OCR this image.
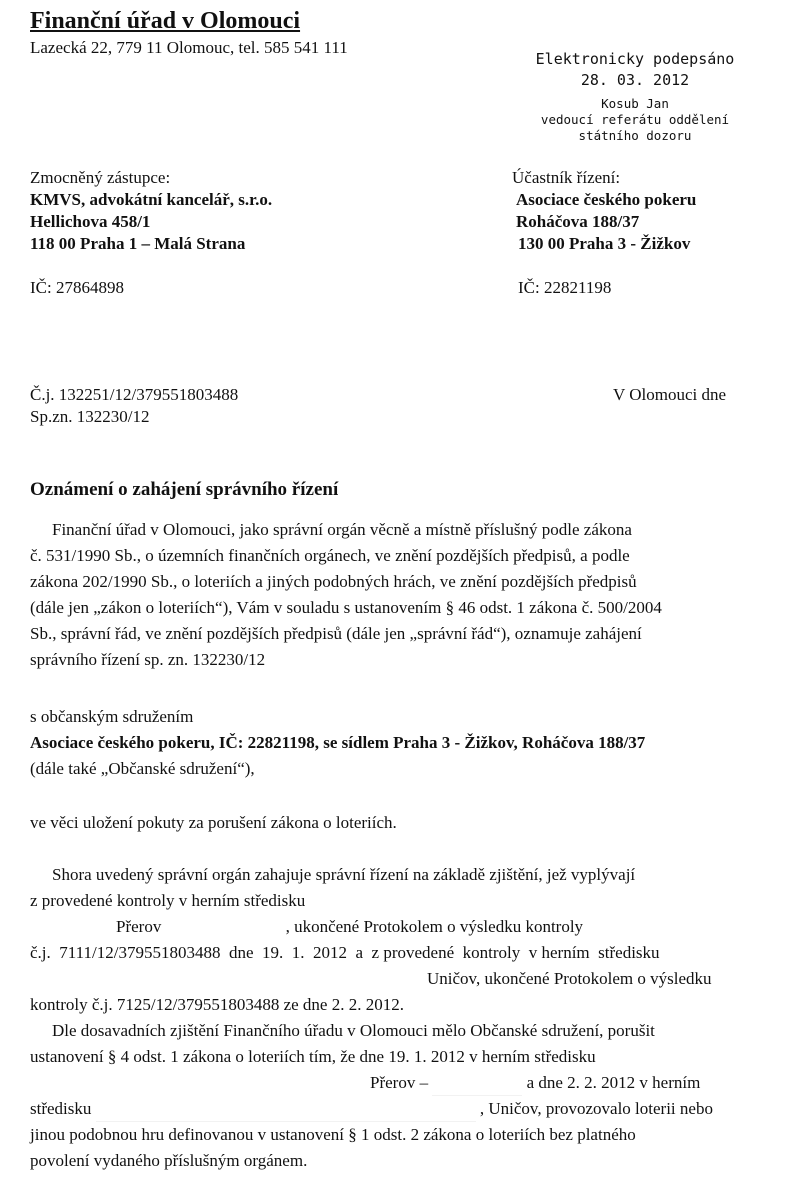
Finanční úřad v Olomouci
Lazecká 22, 779 11 Olomouc, tel. 585 541 111
Elektronicky podepsáno
28. 03. 2012
Kosub Jan
vedoucí referátu oddělení
státního dozoru
Zmocněný zástupce:
KMVS, advokátní kancelář, s.r.o.
Hellichova 458/1
118 00 Praha 1 – Malá Strana
IČ: 27864898
Účastník řízení:
Asociace českého pokeru
Roháčova 188/37
130 00 Praha 3 - Žižkov
IČ: 22821198
Č.j. 132251/12/379551803488
Sp.zn. 132230/12
V Olomouci dne
Oznámení o zahájení správního řízení
Finanční úřad v Olomouci, jako správní orgán věcně a místně příslušný podle zákona
č. 531/1990 Sb., o územních finančních orgánech, ve znění pozdějších předpisů, a podle
zákona 202/1990 Sb., o loteriích a jiných podobných hrách, ve znění pozdějších předpisů
(dále jen „zákon o loteriích“), Vám v souladu s ustanovením § 46 odst. 1 zákona č. 500/2004
Sb., správní řád, ve znění pozdějších předpisů (dále jen „správní řád“), oznamuje zahájení
správního řízení sp. zn. 132230/12
s občanským sdružením
Asociace českého pokeru, IČ: 22821198, se sídlem Praha 3 - Žižkov, Roháčova 188/37
(dále také „Občanské sdružení“),
ve věci uložení pokuty za porušení zákona o loteriích.
Shora uvedený správní orgán zahajuje správní řízení na základě zjištění, jež vyplývají
z provedené kontroly v herním středisku
Přerov	, ukončené Protokolem o výsledku kontroly
č.j.  7111/12/379551803488  dne  19.  1.  2012  a  z provedené  kontroly  v herním  středisku
Uničov, ukončené Protokolem o výsledku
kontroly č.j. 7125/12/379551803488 ze dne 2. 2. 2012.
Dle dosavadních zjištění Finančního úřadu v Olomouci mělo Občanské sdružení, porušit
ustanovení § 4 odst. 1 zákona o loteriích tím, že dne 19. 1. 2012 v herním středisku
Přerov –	a dne 2. 2. 2012 v herním
středisku	, Uničov, provozovalo loterii nebo
jinou podobnou hru definovanou v ustanovení § 1 odst. 2 zákona o loteriích bez platného
povolení vydaného příslušným orgánem.
